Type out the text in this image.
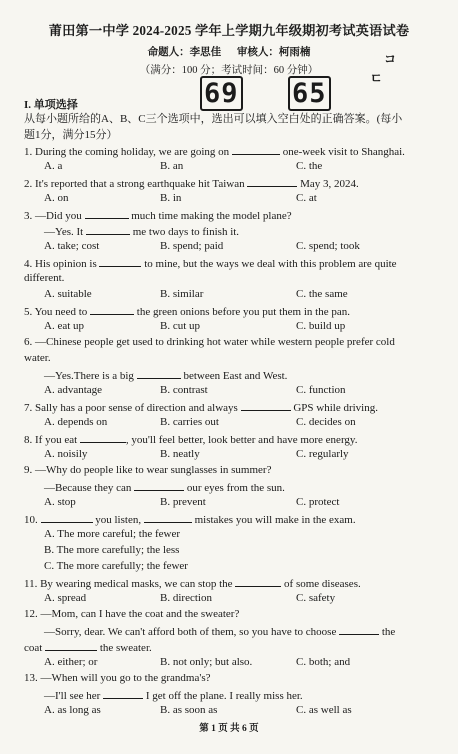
莆田第一中学 2024-2025 学年上学期九年级期初考试英语试卷
命题人：李思佳 审核人：柯雨楠
（满分：100 分；考试时间：60 分钟）
コ
ㄷ
69 65
I. 单项选择
从每小题所给的A、B、C三个选项中，选出可以填入空白处的正确答案。(每小
题1分，满分15分）
1. During the coming holiday, we are going on	one-week visit to Shanghai.
A. a	B. an	C. the
2. It's reported that a strong earthquake hit Taiwan	May 3, 2024.
A. on	B. in	C. at
3. —Did you	much time making the model plane?
—Yes. It	me two days to finish it.
A. take; cost	B. spend; paid	C. spend; took
4. His opinion is	to mine, but the ways we deal with this problem are quite
different.
A. suitable	B. similar	C. the same
5. You need to	the green onions before you put them in the pan.
A. eat up	B. cut up	C. build up
6. —Chinese people get used to drinking hot water while western people prefer cold
water.
—Yes.There is a big	between East and West.
A. advantage	B. contrast	C. function
7. Sally has a poor sense of direction and always	GPS while driving.
A. depends on	B. carries out	C. decides on
8. If you eat	, you'll feel better, look better and have more energy.
A. noisily	B. neatly	C. regularly
9. —Why do people like to wear sunglasses in summer?
—Because they can	our eyes from the sun.
A. stop	B. prevent	C. protect
10.	you listen,	mistakes you will make in the exam.
A. The more careful; the fewer
B. The more carefully; the less
C. The more carefully; the fewer
11. By wearing medical masks, we can stop the	of some diseases.
A. spread	B. direction	C. safety
12. —Mom, can I have the coat and the sweater?
—Sorry, dear. We can't afford both of them, so you have to choose	the
coat	the sweater.
A. either; or	B. not only; but also.	C. both; and
13. —When will you go to the grandma's?
—I'll see her	I get off the plane. I really miss her.
A. as long as	B. as soon as	C. as well as
第 1 页 共 6 页
